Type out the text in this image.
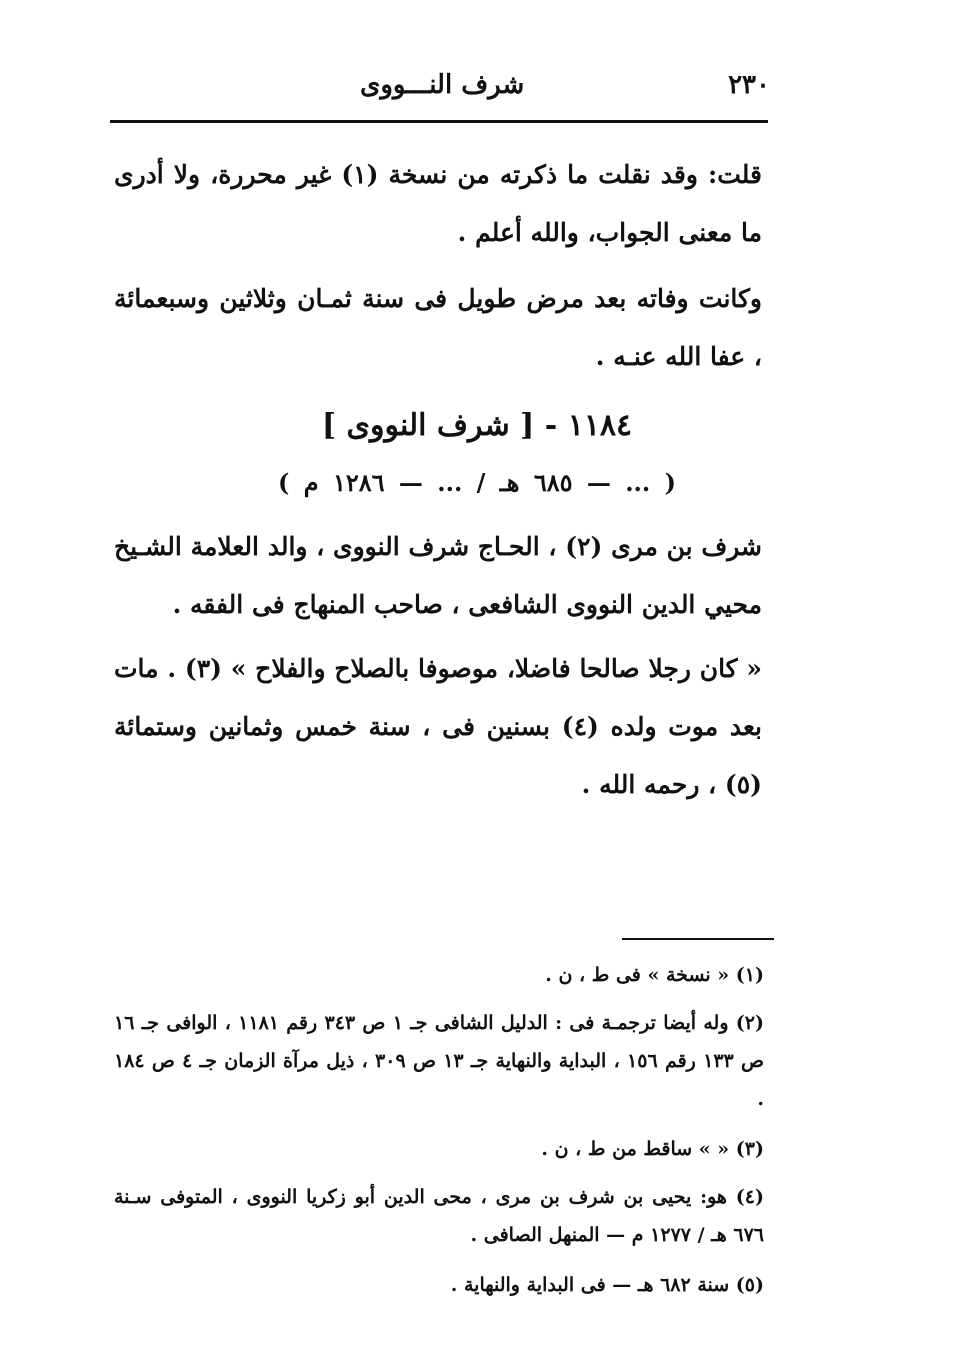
٢٣٠
شرف النـــووى
قلت: وقد نقلت ما ذكرته من نسخة (١) غير محررة، ولا أدرى ما معنى الجواب، والله أعلم .
وكانت وفاته بعد مرض طويل فى سنة ثمـان وثلاثين وسبعمائة ، عفا الله عنـه .
١١٨٤ - [ شرف النووى ]
( ... — ٦٨٥ هـ / ... — ١٢٨٦ م )
شرف بن مرى (٢) ، الحـاج شرف النووى ، والد العلامة الشـيخ محيي الدين النووى الشافعى ، صاحب المنهاج فى الفقه .
« كان رجلا صالحا فاضلا، موصوفا بالصلاح والفلاح » (٣) . مات بعد موت ولده (٤) بسنين فى ، سنة خمس وثمانين وستمائة (٥) ، رحمه الله .
(١) « نسخة » فى ط ، ن .
(٢) وله أيضا ترجمـة فى : الدليل الشافى جـ ١ ص ٣٤٣ رقم ١١٨١ ، الوافى جـ ١٦ ص ١٣٣ رقم ١٥٦ ، البداية والنهاية جـ ١٣ ص ٣٠٩ ، ذيل مرآة الزمان جـ ٤ ص ١٨٤ .
(٣) « » ساقط من ط ، ن .
(٤) هو: يحيى بن شرف بن مرى ، محى الدين أبو زكريا النووى ، المتوفى سـنة ٦٧٦ هـ / ١٢٧٧ م — المنهل الصافى .
(٥) سنة ٦٨٢ هـ — فى البداية والنهاية .
